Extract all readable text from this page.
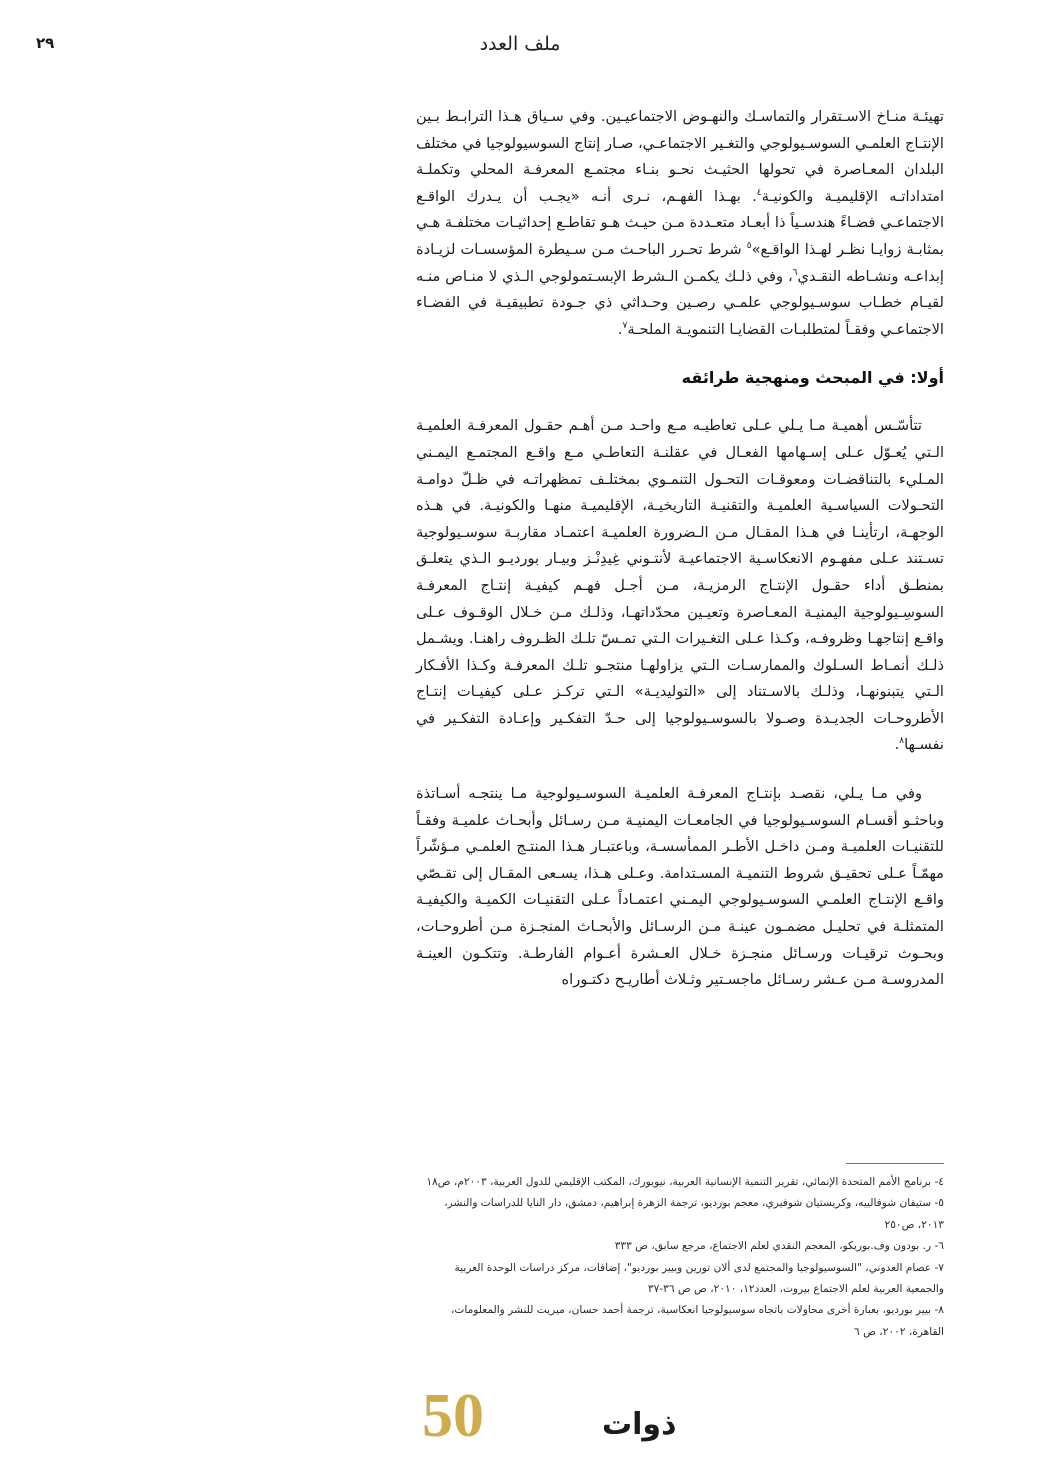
٢٩	ملف العدد

تهيئـة منـاخ الاسـتقرار والتماسـك والنهـوض الاجتماعيـين. وفي سـياق هـذا الترابـط بـين الإنتـاج العلمـي السوسـيولوجي والتغـير الاجتماعـي، صـار إنتاج السوسيولوجيا في مختلف البلدان المعـاصرة في تحولها الحثيـث نحـو بنـاء مجتمـع المعرفـة المحلي وتكملـة امتداداتـه الإقليميـة والكونيـة$^٤$. بهـذا الفهـم، نـرى أنـه «يجـب أن يـدرك الواقـع الاجتماعـي فضـاءً هندسـياً ذا أبعـاد متعـددة مـن حيـث هـو تقاطـع إحداثيـات مختلفـة هـي بمثابـة زوايـا نظـر لهـذا الواقـع»$^٥$ شرط تحـرر الباحـث مـن سـيطرة المؤسسـات لزيـادة إبداعـه ونشـاطه النقـدي$^٦$، وفي ذلـك يكمـن الـشرط الإبسـتمولوجي الـذي لا منـاص منـه لقيـام خطـاب سوسـيولوجي علمـي رصـين وحـداثي ذي جـودة تطبيقيـة في الفضـاء الاجتماعـي وفقـاً لمتطلبـات القضايـا التنمويـة الملحـة$^٧$.

أولا: في المبحث ومنهجية طرائقه

تتأسّـس أهميـة مـا يـلي عـلى تعاطيـه مـع واحـد مـن أهـم حقـول المعرفـة العلميـة الـتي يُعـوّل عـلى إسـهامها الفعـال في عقلنـة التعاطـي مـع واقـع المجتمـع اليمـني المـليء بالتناقضـات ومعوقـات التحـول التنمـوي بمختلـف تمظهراتـه في ظـلّ دوامـة التحـولات السياسـية العلميـة والتقنيـة التاريخيـة، الإقليميـة منهـا والكونيـة. في هـذه الوجهـة، ارتأينـا في هـذا المقـال مـن الـضرورة العلميـة اعتمـاد مقاربـة سوسـيولوجية تسـتند عـلى مفهـوم الانعكاسـية الاجتماعيـة لأنتـوني غِيدِنْـز وبيـار بورديـو الـذي يتعلـق بمنطـق أداء حقـول الإنتـاج الرمزيـة، مـن أجـل فهـم كيفيـة إنتـاج المعرفـة السوسِـيولوجية اليمنيـة المعـاصرة وتعيـين محدّداتهـا، وذلـك مـن خـلال الوقـوف عـلى واقـع إنتاجهـا وظروفـه، وكـذا عـلى التغـيرات الـتي تمـسّ تلـك الظـروف راهنـا. ويشـمل ذلـك أنمـاط السـلوك والممارسـات الـتي يزاولهـا منتجـو تلـك المعرفـة وكـذا الأفـكار الـتي يتبنونهـا، وذلـك بالاسـتناد إلى «التوليديـة» الـتي تركـز عـلى كيفيـات إنتـاج الأطروحـات الجديـدة وصـولا بالسوسـيولوجيا إلى حـدّ التفكـير وإعـادة التفكـير في نفسـها$^٨$.

وفي مـا يـلي، نقصـد بإنتـاج المعرفـة العلميـة السوسـيولوجية مـا ينتجـه أسـاتذة وباحثـو أقسـام السوسـيولوجيا في الجامعـات اليمنيـة مـن رسـائل وأبحـاث علميـة وفقـاً للتقنيـات العلميـة ومـن داخـل الأطـر الممأسسـة، وباعتبـار هـذا المنتـج العلمـي مـؤشّراً مهمّـاً عـلى تحقيـق شروط التنميـة المسـتدامة. وعـلى هـذا، يسـعى المقـال إلى تقـصّي واقـع الإنتـاج العلمـي السوسـيولوجي اليمـني اعتمـاداً عـلى التقنيـات الكميـة والكيفيـة المتمثلـة في تحليـل مضمـون عينـة مـن الرسـائل والأبحـاث المنجـزة مـن أطروحـات، وبحـوث ترقيـات ورسـائل منجـزة خـلال العـشرة أعـوام الفارطـة. وتتكـون العينـة المدروسـة مـن عـشر رسـائل ماجسـتير وثـلاث أطاريـح دكتـوراه

٤- برنامج الأمم المتحدة الإنمائي، تقرير التنمية الإنسانية العربية، نيويورك، المكتب الإقليمي للدول العربية، ٢٠٠٣م، ص١٨

٥- ستيفان شوفالييه، وكريستيان شوفيري، معجم بورديو، ترجمة الزهرة إبراهيم، دمشق، دار النايا للدراسات والنشر، ٢٠١٣، ص٢٥٠

٦- ر. بودون وف.بوريكو، المعجم النقدي لعلم الاجتماع، مرجع سابق، ص ٣٣٣

٧- عصام العدوني، "السوسيولوجيا والمجتمع لدى ألان تورين وبيير بورديو"، إضافات، مركز دراسات الوحدة العربية والجمعية العربية لعلم الاجتماع بيروت، العدد١٢، ٢٠١٠، ص ص ٣٦-٣٧

٨- بيير بورديو، بعبارة أخرى محاولات باتجاه سوسيولوجيا انعكاسية، ترجمة أحمد حسان، ميريت للنشر والمعلومات، القاهرة، ٢٠٠٢، ص ٦

50	ذوات
